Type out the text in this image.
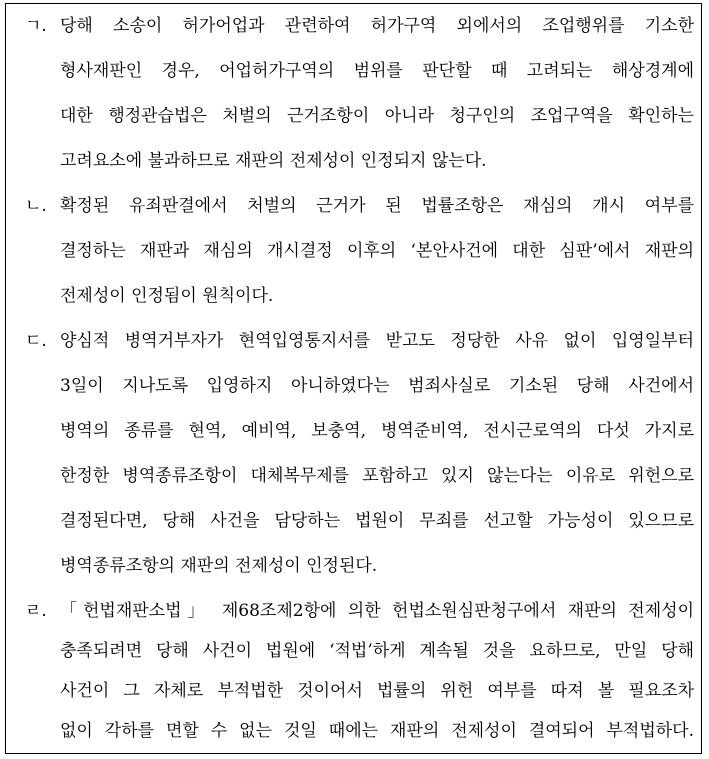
ㄱ. 당해 소송이 허가어업과 관련하여 허가구역 외에서의 조업행위를 기소한
형사재판인 경우, 어업허가구역의 범위를 판단할 때 고려되는 해상경계에
대한 행정관습법은 처벌의 근거조항이 아니라 청구인의 조업구역을 확인하는
고려요소에 불과하므로 재판의 전제성이 인정되지 않는다.
ㄴ. 확정된 유죄판결에서 처벌의 근거가 된 법률조항은 재심의 개시 여부를
결정하는 재판과 재심의 개시결정 이후의 ‘본안사건에 대한 심판’에서 재판의
전제성이 인정됨이 원칙이다.
ㄷ. 양심적 병역거부자가 현역입영통지서를 받고도 정당한 사유 없이 입영일부터
3일이 지나도록 입영하지 아니하였다는 범죄사실로 기소된 당해 사건에서
병역의 종류를 현역, 예비역, 보충역, 병역준비역, 전시근로역의 다섯 가지로
한정한 병역종류조항이 대체복무제를 포함하고 있지 않는다는 이유로 위헌으로
결정된다면, 당해 사건을 담당하는 법원이 무죄를 선고할 가능성이 있으므로
병역종류조항의 재판의 전제성이 인정된다.
ㄹ. 「헌법재판소법」 제68조제2항에 의한 헌법소원심판청구에서 재판의 전제성이
충족되려면 당해 사건이 법원에 ‘적법’하게 계속될 것을 요하므로, 만일 당해
사건이 그 자체로 부적법한 것이어서 법률의 위헌 여부를 따져 볼 필요조차
없이 각하를 면할 수 없는 것일 때에는 재판의 전제성이 결여되어 부적법하다.
